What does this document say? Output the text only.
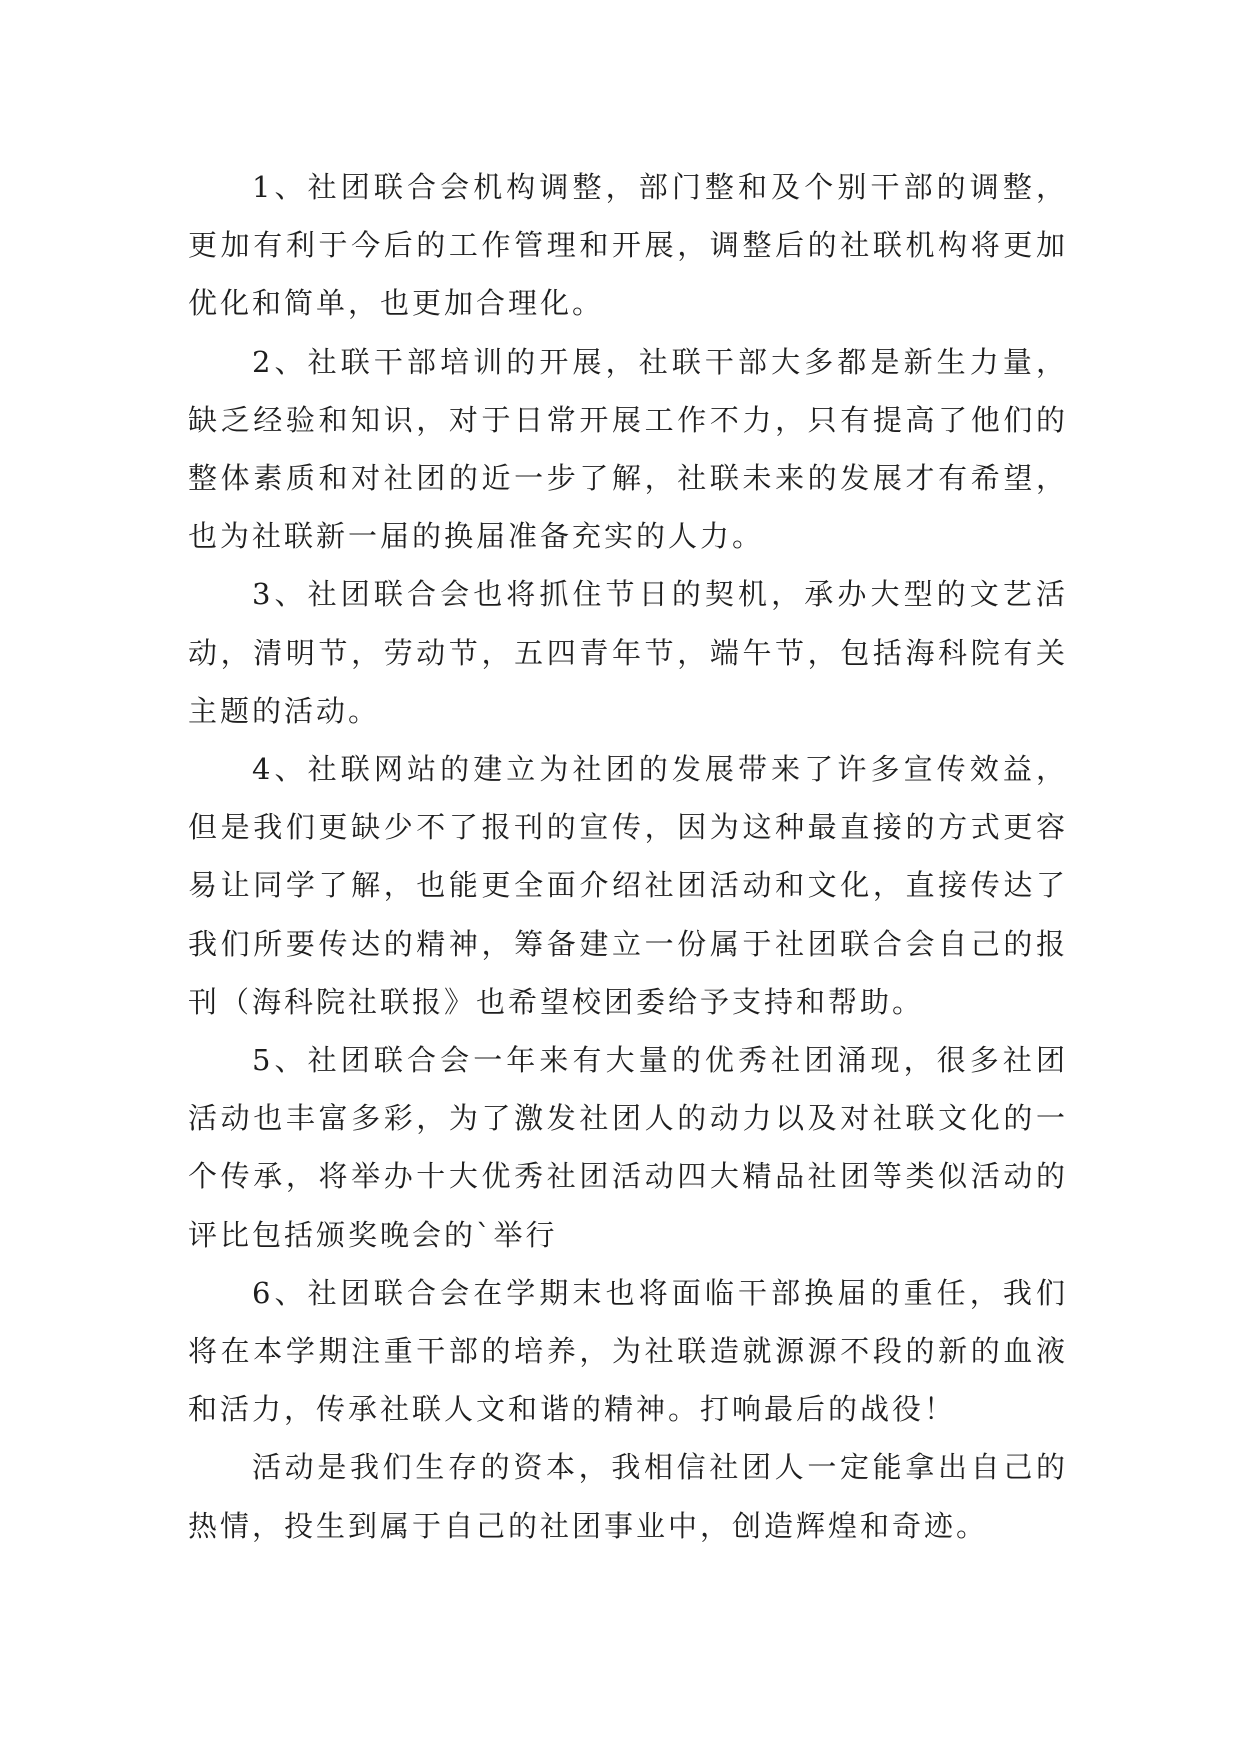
1、社团联合会机构调整，部门整和及个别干部的调整，更加有利于今后的工作管理和开展，调整后的社联机构将更加优化和简单，也更加合理化。

2、社联干部培训的开展，社联干部大多都是新生力量，缺乏经验和知识，对于日常开展工作不力，只有提高了他们的整体素质和对社团的近一步了解，社联未来的发展才有希望，也为社联新一届的换届准备充实的人力。

3、社团联合会也将抓住节日的契机，承办大型的文艺活动，清明节，劳动节，五四青年节，端午节，包括海科院有关主题的活动。

4、社联网站的建立为社团的发展带来了许多宣传效益，但是我们更缺少不了报刊的宣传，因为这种最直接的方式更容易让同学了解，也能更全面介绍社团活动和文化，直接传达了我们所要传达的精神，筹备建立一份属于社团联合会自己的报刊（海科院社联报》也希望校团委给予支持和帮助。

5、社团联合会一年来有大量的优秀社团涌现，很多社团活动也丰富多彩，为了激发社团人的动力以及对社联文化的一个传承，将举办十大优秀社团活动四大精品社团等类似活动的评比包括颁奖晚会的`举行

6、社团联合会在学期末也将面临干部换届的重任，我们将在本学期注重干部的培养，为社联造就源源不段的新的血液和活力，传承社联人文和谐的精神。打响最后的战役！

活动是我们生存的资本，我相信社团人一定能拿出自己的热情，投生到属于自己的社团事业中，创造辉煌和奇迹。
